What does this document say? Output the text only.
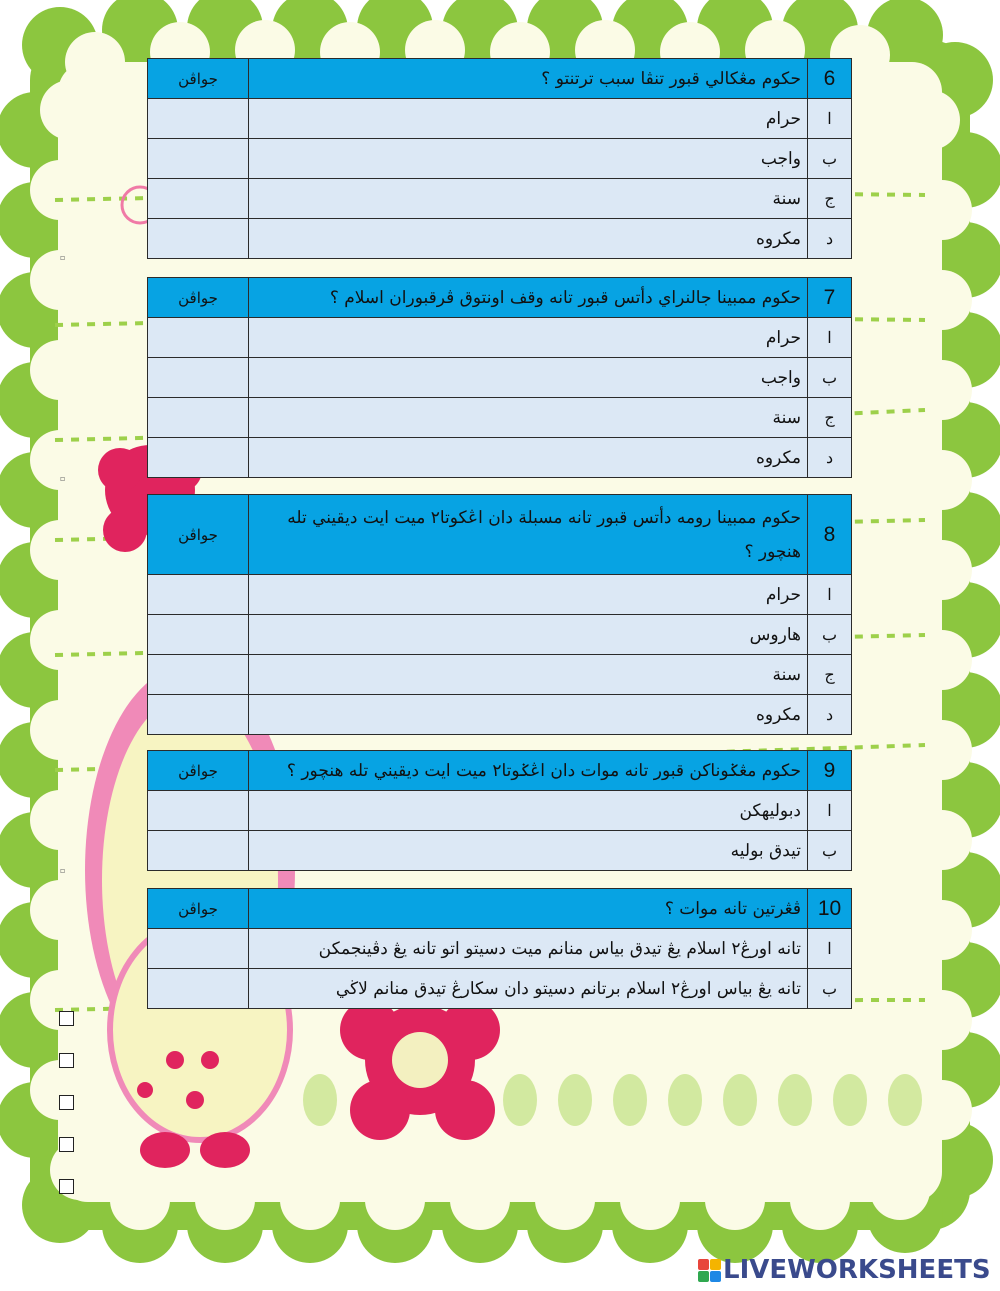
جواڤن	حكوم مڠكالي قبور تنڤا سبب ترتنتو ؟	6
	حرام	ا
	واجب	ب
	سنة	ج
	مكروه	د
جواڤن	حكوم ممبينا جالنراي دأتس قبور تانه وقف اونتوق ڤرقبوران اسلام ؟	7
	حرام	ا
	واجب	ب
	سنة	ج
	مكروه	د
جواڤن	حكوم ممبينا رومه دأتس قبور تانه مسبلة دان اڠكوتا٢ ميت ايت ديقيني تله هنچور ؟	8
	حرام	ا
	هاروس	ب
	سنة	ج
	مكروه	د
جواڤن	حكوم مڠݢوناكن قبور تانه موات دان اڠݢوتا٢ ميت ايت ديقيني تله هنچور ؟	9
	دبوليهكن	ا
	تيدق بوليه	ب
جواڤن	ڤڠرتين تانه موات ؟	10
	تانه اورڠ٢ اسلام يڠ تيدق بياس منانم ميت دسيتو اتو تانه يڠ دڤينجمكن	ا
	تانه يڠ بياس اورڠ٢ اسلام برتانم دسيتو دان سكارڠ تيدق منانم لاڬي	ب
▫
▫
▫
LIVEWORKSHEETS
